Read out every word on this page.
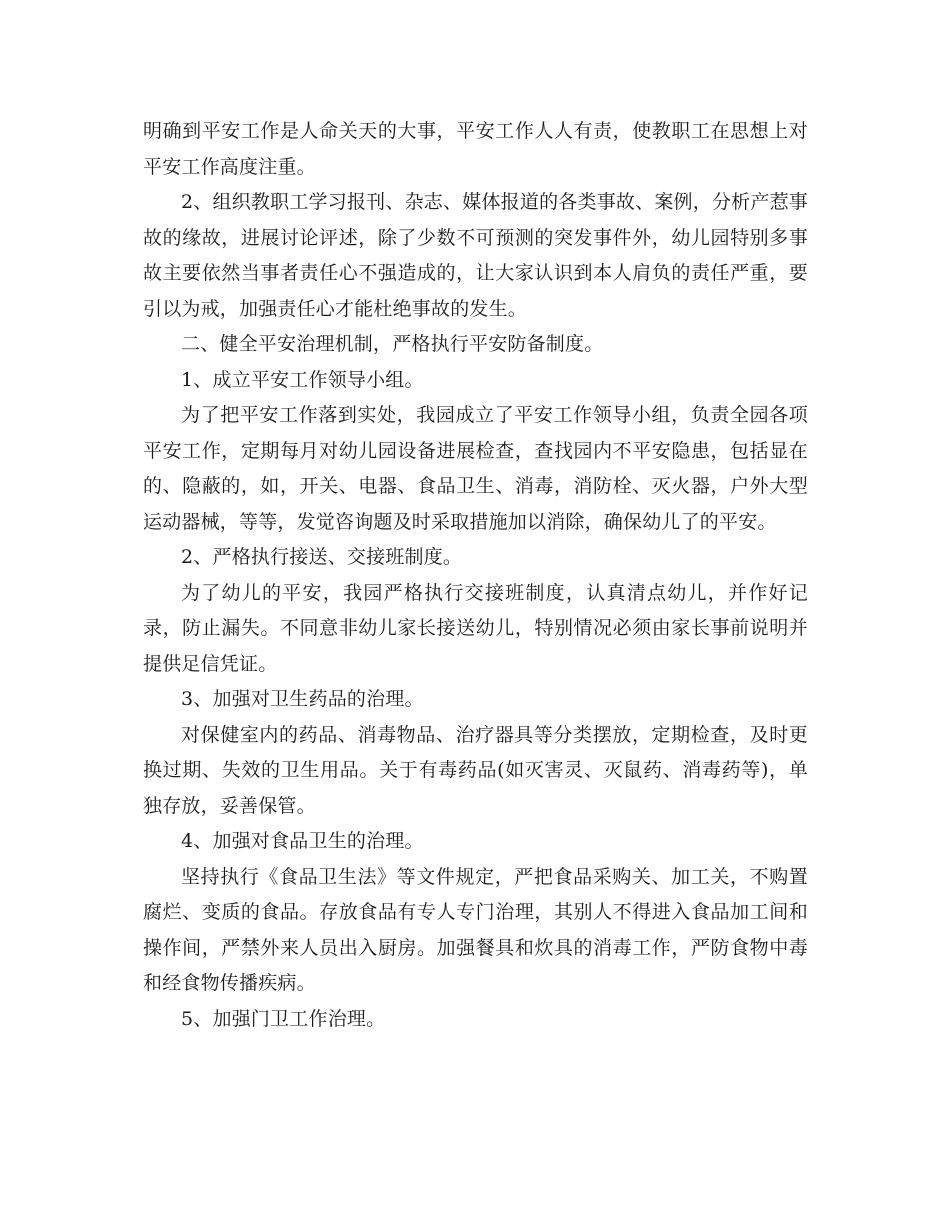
明确到平安工作是人命关天的大事，平安工作人人有责，使教职工在思想上对平安工作高度注重。

2、组织教职工学习报刊、杂志、媒体报道的各类事故、案例，分析产惹事故的缘故，进展讨论评述，除了少数不可预测的突发事件外，幼儿园特别多事故主要依然当事者责任心不强造成的，让大家认识到本人肩负的责任严重，要引以为戒，加强责任心才能杜绝事故的发生。

二、健全平安治理机制，严格执行平安防备制度。

1、成立平安工作领导小组。

为了把平安工作落到实处，我园成立了平安工作领导小组，负责全园各项平安工作，定期每月对幼儿园设备进展检查，查找园内不平安隐患，包括显在的、隐蔽的，如，开关、电器、食品卫生、消毒，消防栓、灭火器，户外大型运动器械，等等，发觉咨询题及时采取措施加以消除，确保幼儿了的平安。

2、严格执行接送、交接班制度。

为了幼儿的平安，我园严格执行交接班制度，认真清点幼儿，并作好记录，防止漏失。不同意非幼儿家长接送幼儿，特别情况必须由家长事前说明并提供足信凭证。

3、加强对卫生药品的治理。

对保健室内的药品、消毒物品、治疗器具等分类摆放，定期检查，及时更换过期、失效的卫生用品。关于有毒药品(如灭害灵、灭鼠药、消毒药等)，单独存放，妥善保管。

4、加强对食品卫生的治理。

坚持执行《食品卫生法》等文件规定，严把食品采购关、加工关，不购置腐烂、变质的食品。存放食品有专人专门治理，其别人不得进入食品加工间和操作间，严禁外来人员出入厨房。加强餐具和炊具的消毒工作，严防食物中毒和经食物传播疾病。

5、加强门卫工作治理。
